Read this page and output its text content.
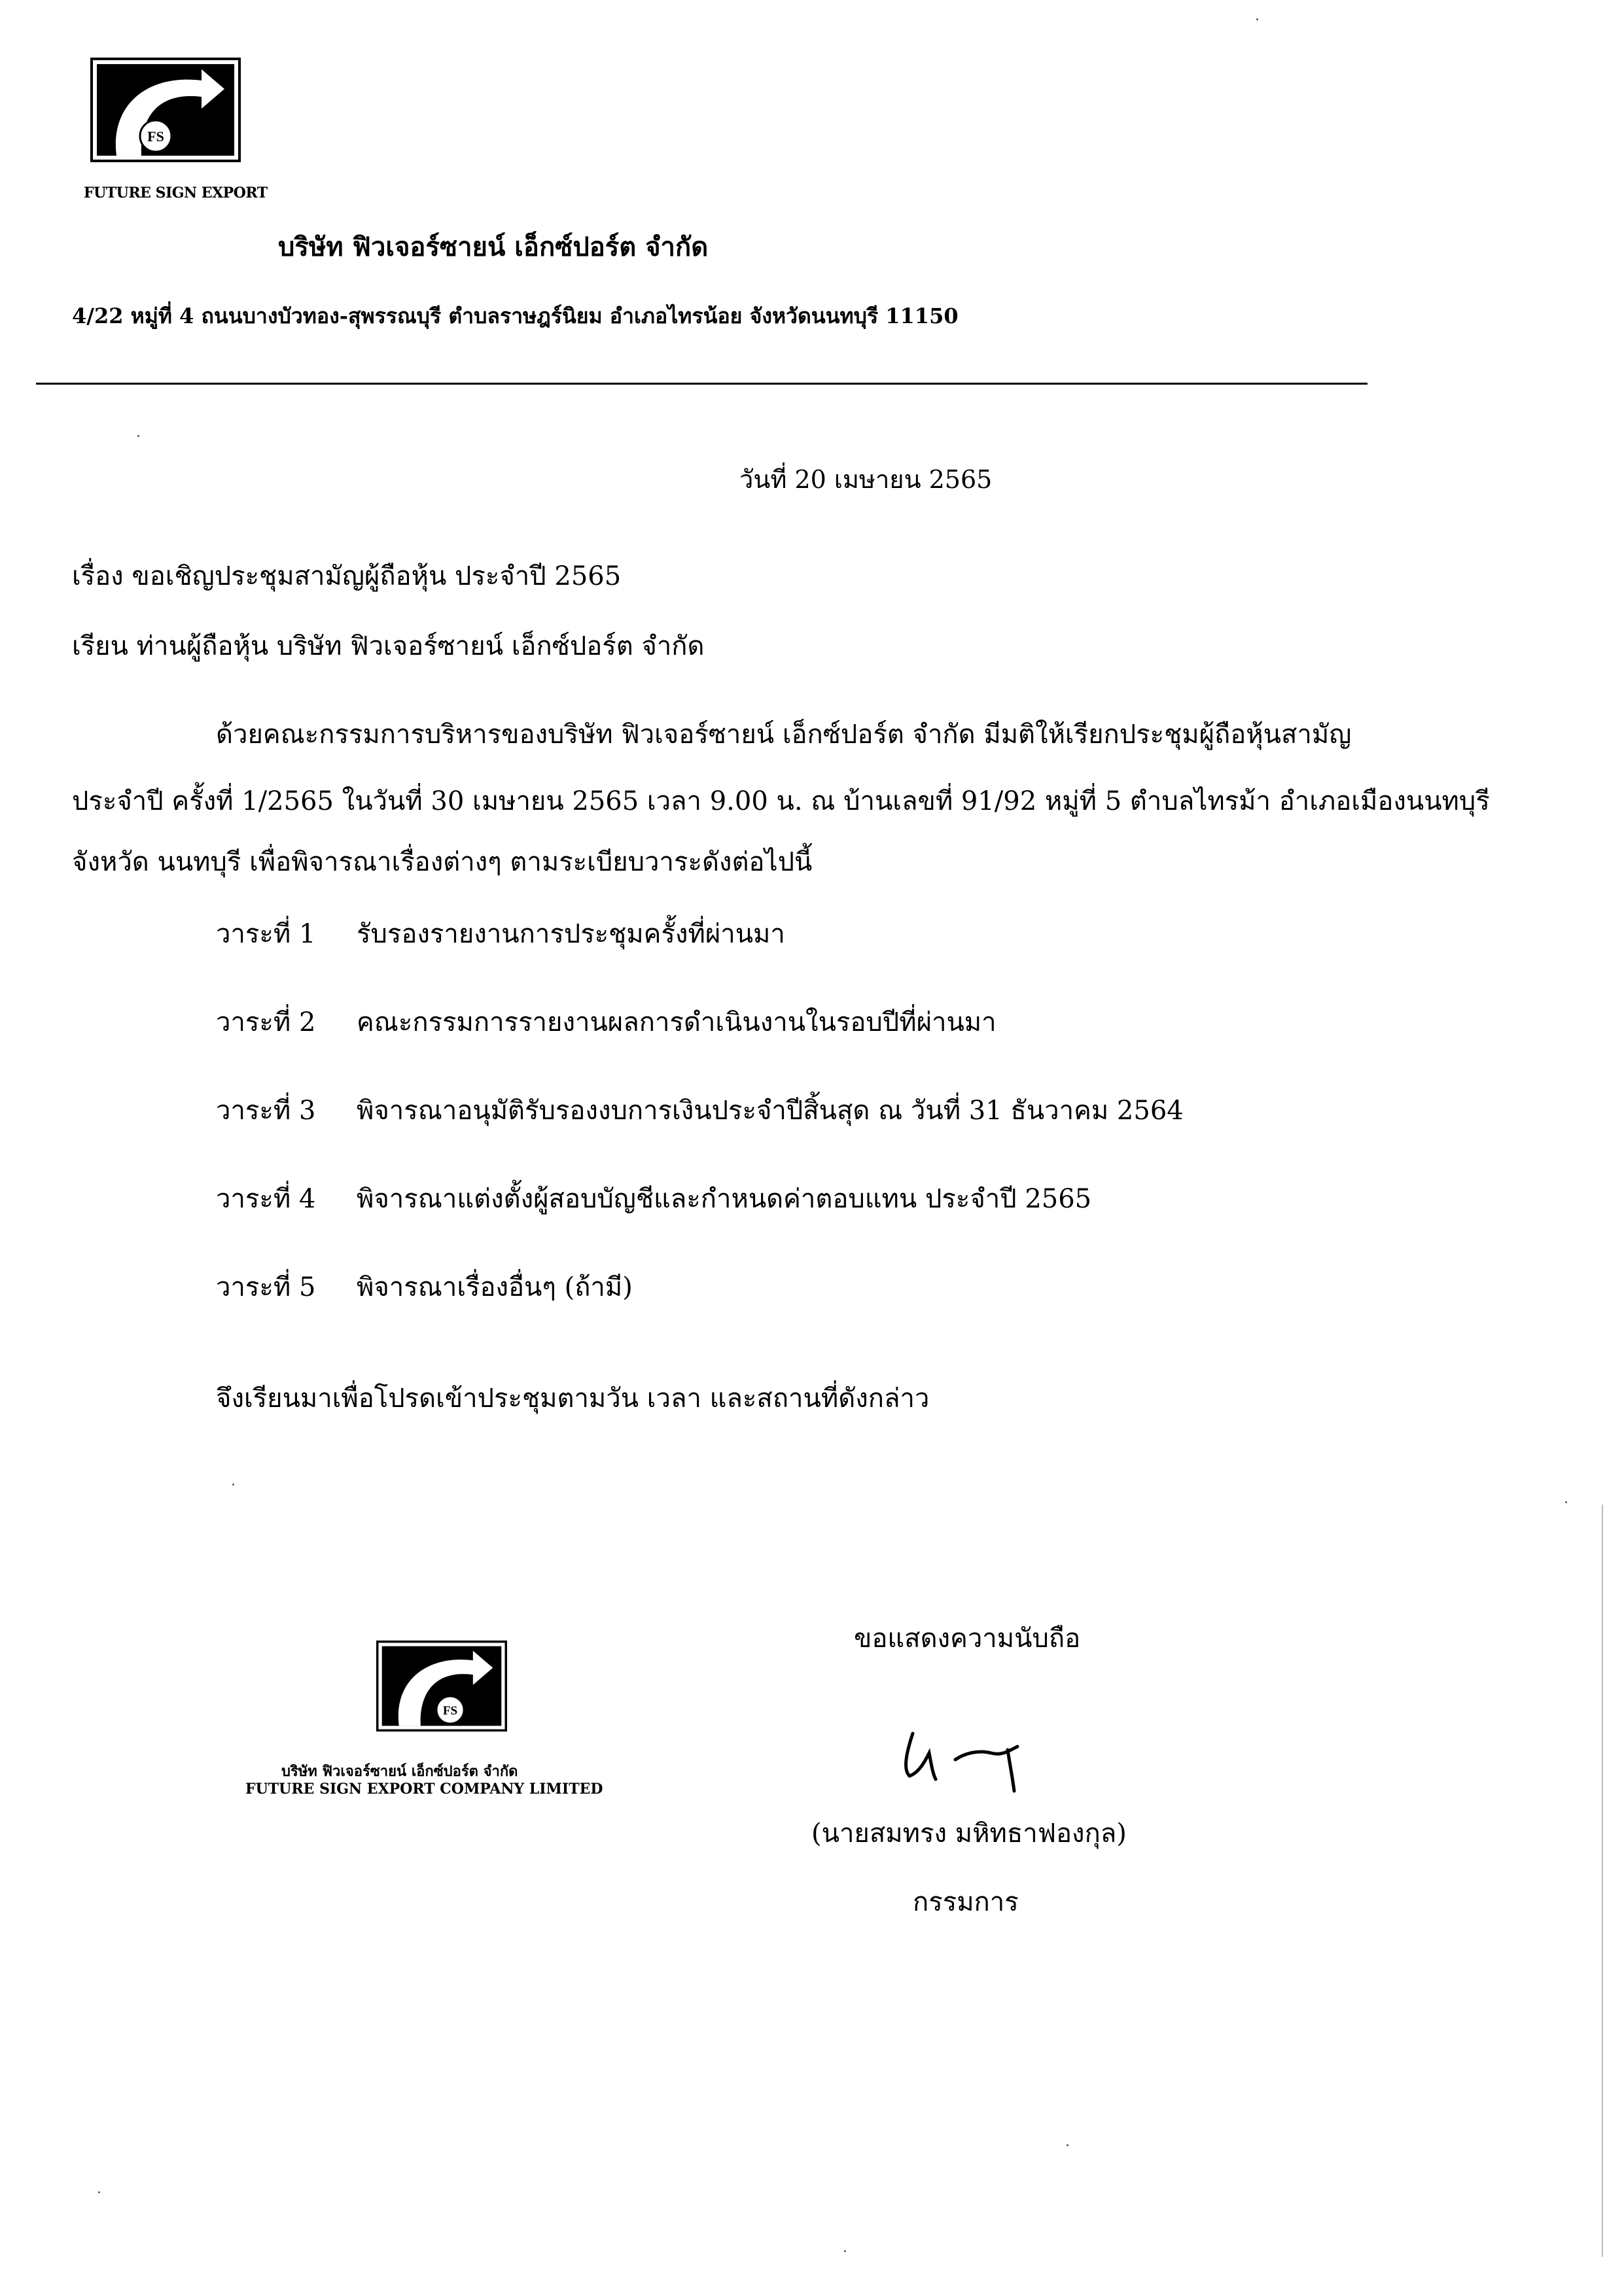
FS
FUTURE SIGN EXPORT
บริษัท ฟิวเจอร์ซายน์ เอ็กซ์ปอร์ต จำกัด
4/22 หมู่ที่ 4 ถนนบางบัวทอง-สุพรรณบุรี ตำบลราษฎร์นิยม อำเภอไทรน้อย จังหวัดนนทบุรี 11150
วันที่ 20 เมษายน 2565
เรื่อง ขอเชิญประชุมสามัญผู้ถือหุ้น ประจำปี 2565
เรียน ท่านผู้ถือหุ้น บริษัท ฟิวเจอร์ซายน์ เอ็กซ์ปอร์ต จำกัด
ด้วยคณะกรรมการบริหารของบริษัท ฟิวเจอร์ซายน์ เอ็กซ์ปอร์ต จำกัด มีมติให้เรียกประชุมผู้ถือหุ้นสามัญ
ประจำปี ครั้งที่ 1/2565 ในวันที่ 30 เมษายน 2565 เวลา 9.00 น. ณ บ้านเลขที่ 91/92 หมู่ที่ 5 ตำบลไทรม้า อำเภอเมืองนนทบุรี
จังหวัด นนทบุรี เพื่อพิจารณาเรื่องต่างๆ ตามระเบียบวาระดังต่อไปนี้
วาระที่ 1 รับรองรายงานการประชุมครั้งที่ผ่านมา
วาระที่ 2 คณะกรรมการรายงานผลการดำเนินงานในรอบปีที่ผ่านมา
วาระที่ 3 พิจารณาอนุมัติรับรองงบการเงินประจำปีสิ้นสุด ณ วันที่ 31 ธันวาคม 2564
วาระที่ 4 พิจารณาแต่งตั้งผู้สอบบัญชีและกำหนดค่าตอบแทน ประจำปี 2565
วาระที่ 5 พิจารณาเรื่องอื่นๆ (ถ้ามี)
จึงเรียนมาเพื่อโปรดเข้าประชุมตามวัน เวลา และสถานที่ดังกล่าว
FS
บริษัท ฟิวเจอร์ซายน์ เอ็กซ์ปอร์ต จำกัด
FUTURE SIGN EXPORT COMPANY LIMITED
ขอแสดงความนับถือ
(นายสมทรง มหิทธาฟองกุล)
กรรมการ
